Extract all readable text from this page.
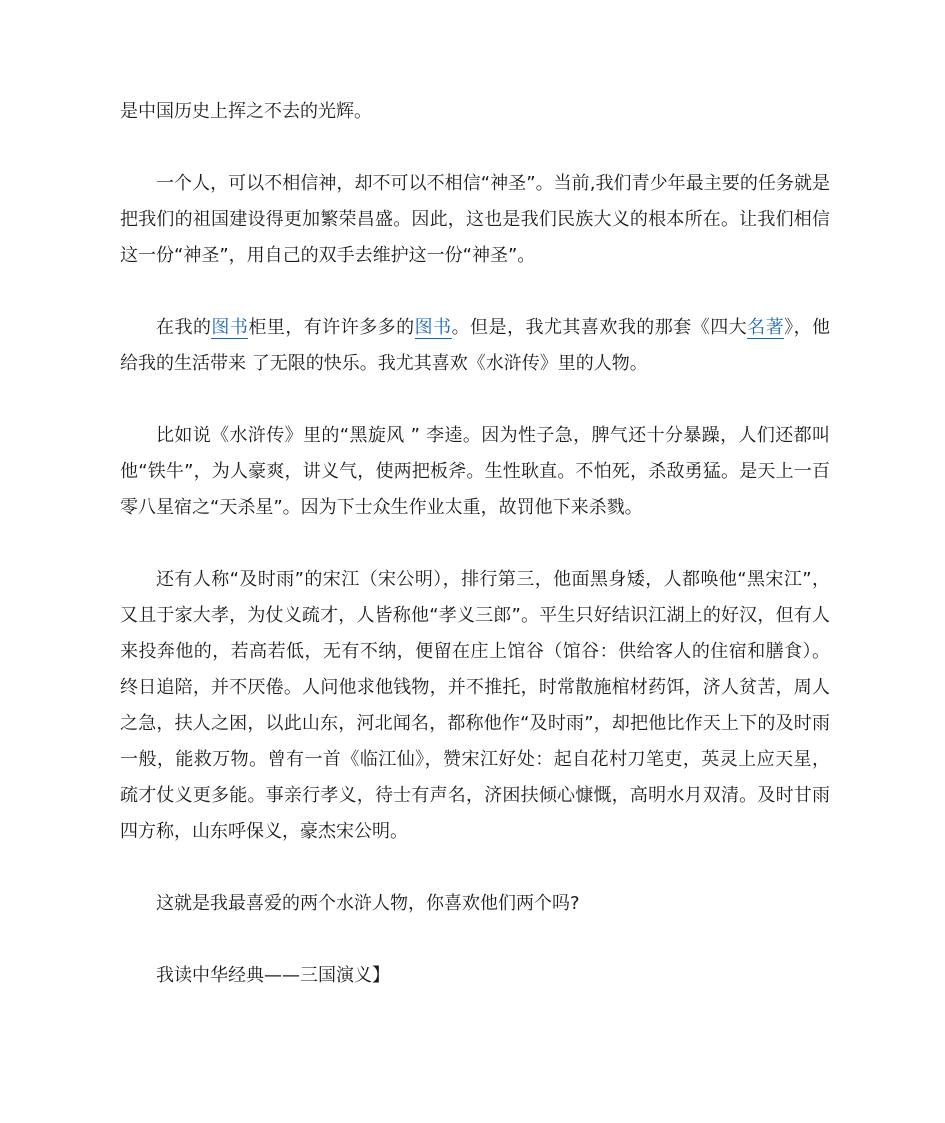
是中国历史上挥之不去的光辉。

一个人，可以不相信神，却不可以不相信“神圣”。当前,我们青少年最主要的任务就是把我们的祖国建设得更加繁荣昌盛。因此，这也是我们民族大义的根本所在。让我们相信这一份“神圣”，用自己的双手去维护这一份“神圣”。

在我的图书柜里，有许许多多的图书。但是，我尤其喜欢我的那套《四大名著》，他给我的生活带来 了无限的快乐。我尤其喜欢《水浒传》里的人物。

比如说《水浒传》里的“黑旋风 ” 李逵。因为性子急，脾气还十分暴躁，人们还都叫他“铁牛”，为人豪爽，讲义气，使两把板斧。生性耿直。不怕死，杀敌勇猛。是天上一百零八星宿之“天杀星”。因为下士众生作业太重，故罚他下来杀戮。

还有人称“及时雨”的宋江（宋公明），排行第三，他面黑身矮，人都唤他“黑宋江”，又且于家大孝，为仗义疏才，人皆称他“孝义三郎”。平生只好结识江湖上的好汉，但有人来投奔他的，若高若低，无有不纳，便留在庄上馆谷（馆谷：供给客人的住宿和膳食）。终日追陪，并不厌倦。人问他求他钱物，并不推托，时常散施棺材药饵，济人贫苦，周人之急，扶人之困，以此山东，河北闻名，都称他作“及时雨”，却把他比作天上下的及时雨一般，能救万物。曾有一首《临江仙》，赞宋江好处：起自花村刀笔吏，英灵上应天星，疏才仗义更多能。事亲行孝义，待士有声名，济困扶倾心慷慨，高明水月双清。及时甘雨四方称，山东呼保义，豪杰宋公明。

这就是我最喜爱的两个水浒人物，你喜欢他们两个吗?

我读中华经典——三国演义】
